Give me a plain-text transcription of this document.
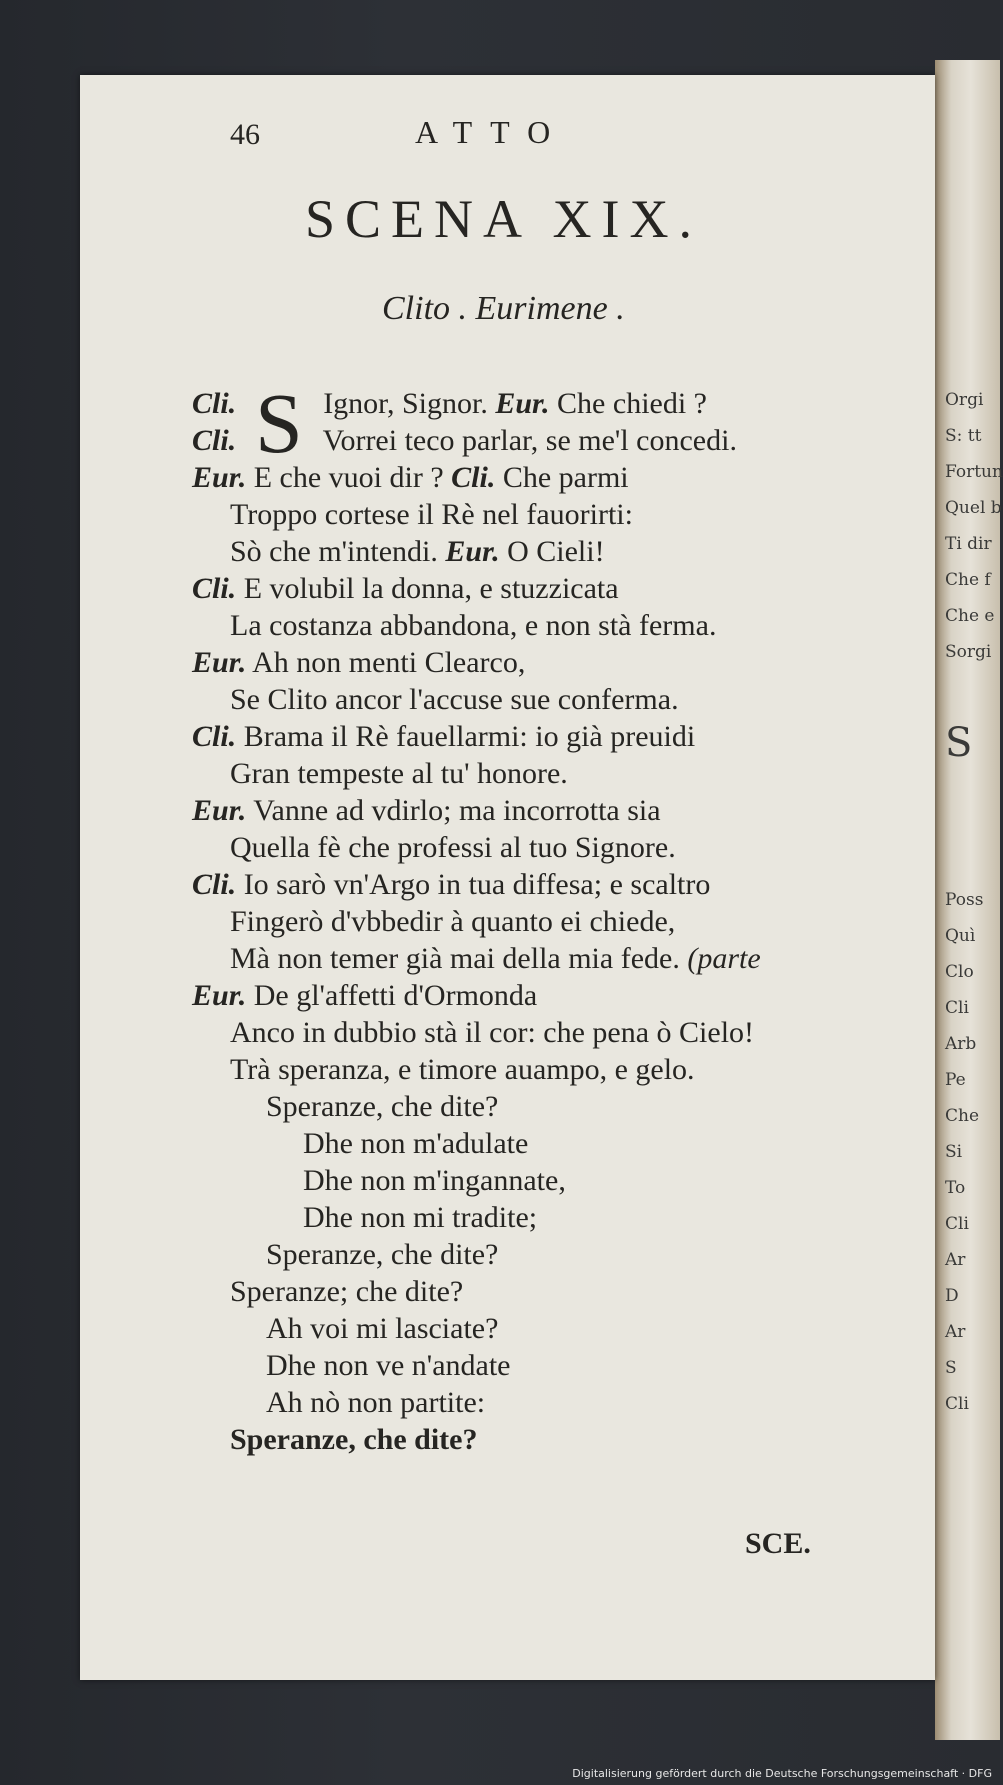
Orgi
S: tt
Fortun
Quel b
Ti dir
Che f
Che e
Sorgi
S
Poss
Quì
Clo
Cli
Arb
Pe
Che
Si
To
Cli
Ar
D
Ar
S
Cli
46	ATTO
SCENA XIX.
Clito . Eurimene .
S
Cli.	Ignor, Signor. Eur. Che chiedi ?
Cli.	Vorrei teco parlar, se me'l concedi.
Eur. E che vuoi dir ? Cli. Che parmi
Troppo cortese il Rè nel fauorirti:
Sò che m'intendi. Eur. O Cieli!
Cli. E volubil la donna, e stuzzicata
La costanza abbandona, e non stà ferma.
Eur. Ah non menti Clearco,
Se Clito ancor l'accuse sue conferma.
Cli. Brama il Rè fauellarmi: io già preuidi
Gran tempeste al tu' honore.
Eur. Vanne ad vdirlo; ma incorrotta sia
Quella fè che professi al tuo Signore.
Cli. Io sarò vn'Argo in tua diffesa; e scaltro
Fingerò d'vbbedir à quanto ei chiede,
Mà non temer già mai della mia fede. (parte
Eur. De gl'affetti d'Ormonda
Anco in dubbio stà il cor: che pena ò Cielo!
Trà speranza, e timore auampo, e gelo.
Speranze, che dite?
Dhe non m'adulate
Dhe non m'ingannate,
Dhe non mi tradite;
Speranze, che dite?
Speranze; che dite?
Ah voi mi lasciate?
Dhe non ve n'andate
Ah nò non partite:
Speranze, che dite?
SCE.
Digitalisierung gefördert durch die Deutsche Forschungsgemeinschaft · DFG
